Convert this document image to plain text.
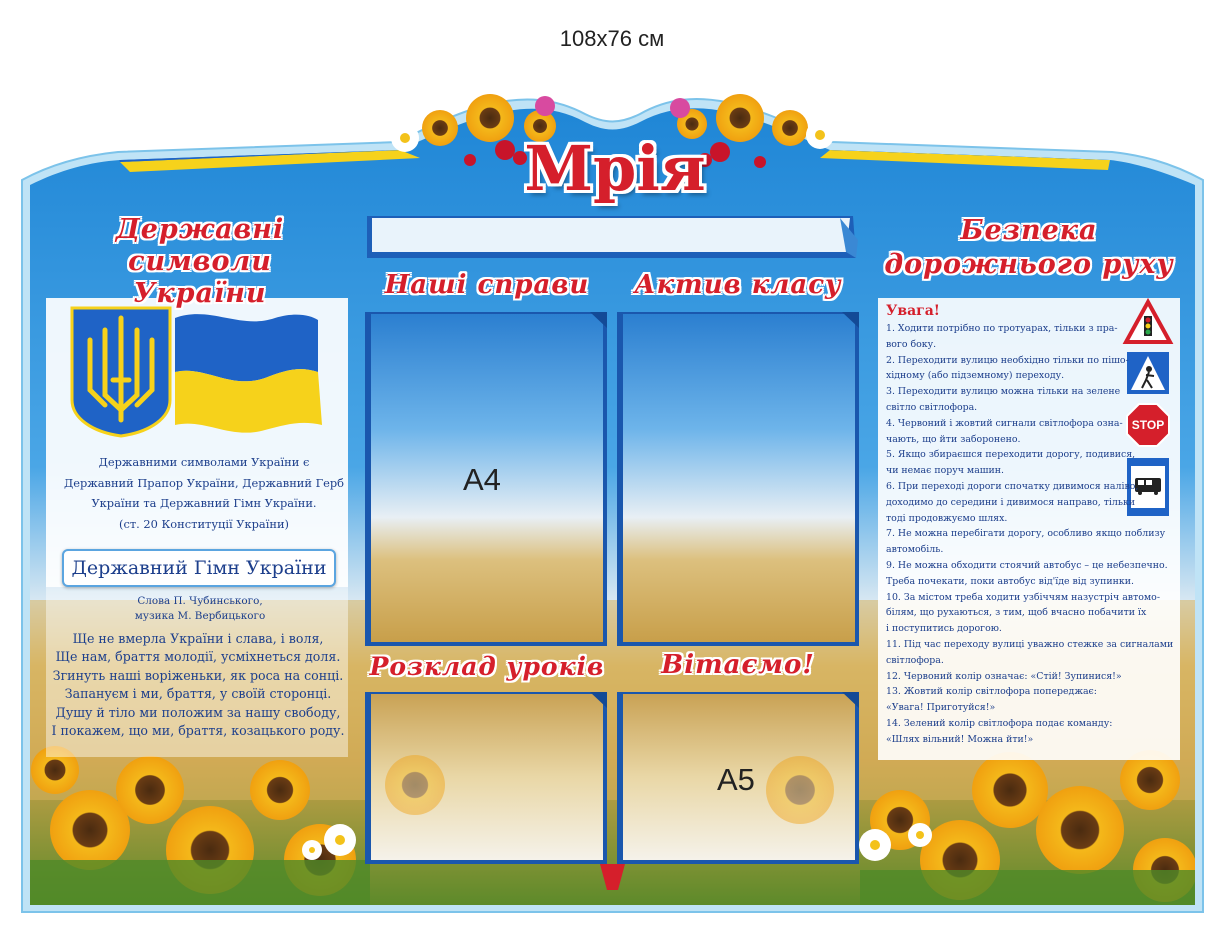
108x76 см
Мрія
Державні символи
України
Державними символами України є
Державний Прапор України, Державний Герб
України та Державний Гімн України.
(ст. 20 Конституції України)
Державний Гімн України
Слова П. Чубинського,
музика М. Вербицького
Ще не вмерла України і слава, і воля,
Ще нам, браття молодії, усміхнеться доля.
Згинуть наші воріженьки, як роса на сонці.
Запануєм і ми, браття, у своїй сторонці.
Душу й тіло ми положим за нашу свободу,
І покажем, що ми, браття, козацького роду.
Наші справи	Актив класу
Розклад уроків	Вітаємо!
А4
А5
Безпека
дорожнього руху
Увага!
1. Ходити потрібно по тротуарах, тільки з пра-
вого боку.
2. Переходити вулицю необхідно тільки по пішо-
хідному (або підземному) переходу.
3. Переходити вулицю можна тільки на зелене
світло світлофора.
4. Червоний і жовтий сигнали світлофора озна-
чають, що йти заборонено.
5. Якщо збираєшся переходити дорогу, подивися,
чи немає поруч машин.
6. При переході дороги спочатку дивимося наліво,
доходимо до середини і дивимося направо, тільки
тоді продовжуємо шлях.
7. Не можна перебігати дорогу, особливо якщо поблизу
автомобіль.
9. Не можна обходити стоячий автобус – це небезпечно.
Треба почекати, поки автобус від'їде від зупинки.
10. За містом треба ходити узбіччям назустріч автомо-
білям, що рухаються, з тим, щоб вчасно побачити їх
і поступитись дорогою.
11. Під час переходу вулиці уважно стежке за сигналами
світлофора.
12. Червоний колір означає: «Стій! Зупинися!»
13. Жовтий колір світлофора попереджає:
«Увага! Приготуйся!»
14. Зелений колір світлофора подає команду:
«Шлях вільний! Можна йти!»
STOP
